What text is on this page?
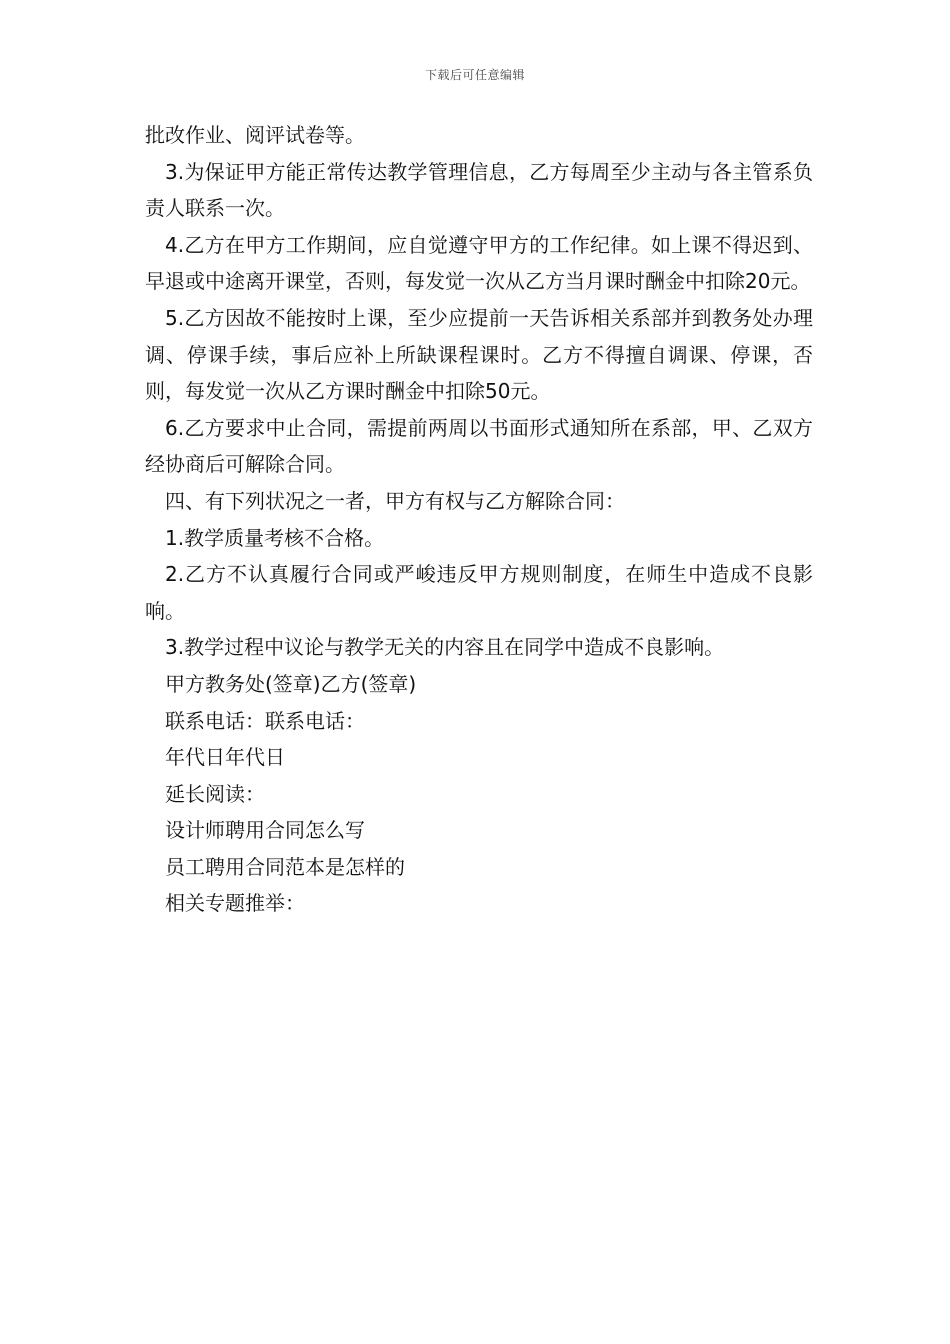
下载后可任意编辑

批改作业、阅评试卷等。

3.为保证甲方能正常传达教学管理信息，乙方每周至少主动与各主管系负责人联系一次。

4.乙方在甲方工作期间，应自觉遵守甲方的工作纪律。如上课不得迟到、早退或中途离开课堂，否则，每发觉一次从乙方当月课时酬金中扣除20元。

5.乙方因故不能按时上课，至少应提前一天告诉相关系部并到教务处办理调、停课手续，事后应补上所缺课程课时。乙方不得擅自调课、停课，否则，每发觉一次从乙方课时酬金中扣除50元。

6.乙方要求中止合同，需提前两周以书面形式通知所在系部，甲、乙双方经协商后可解除合同。

四、有下列状况之一者，甲方有权与乙方解除合同：

1.教学质量考核不合格。

2.乙方不认真履行合同或严峻违反甲方规则制度，在师生中造成不良影响。

3.教学过程中议论与教学无关的内容且在同学中造成不良影响。

甲方教务处(签章)乙方(签章)

联系电话：联系电话：

年代日年代日

延长阅读：

设计师聘用合同怎么写

员工聘用合同范本是怎样的

相关专题推举：
